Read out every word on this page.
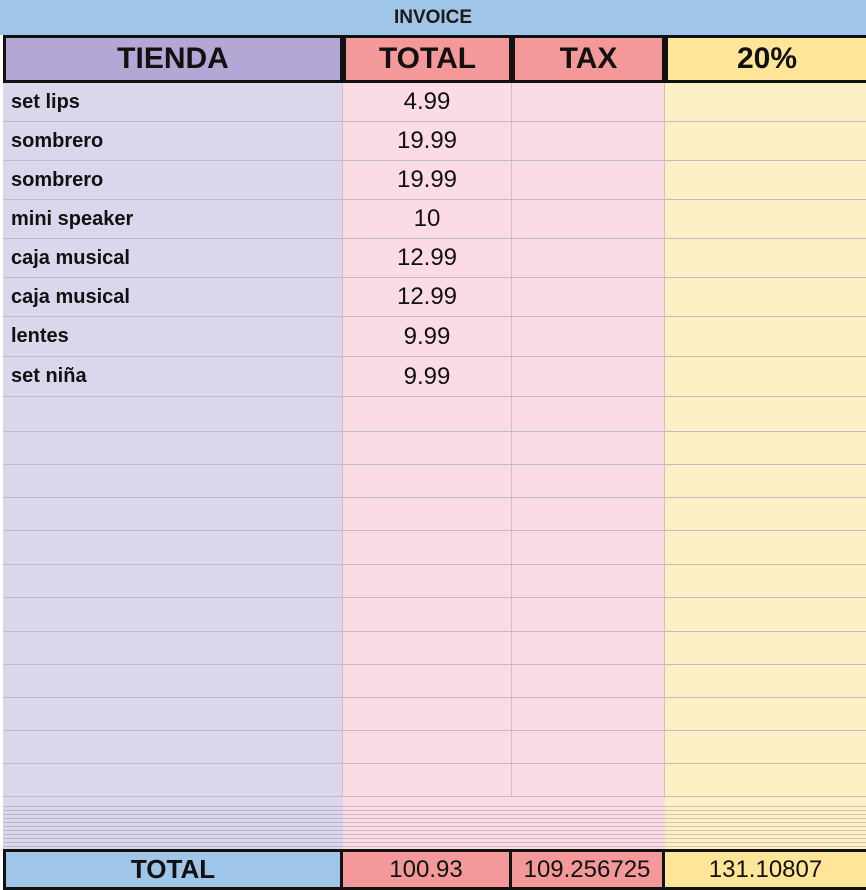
INVOICE
TIENDA	TOTAL	TAX	20%
set lips	4.99
sombrero	19.99
sombrero	19.99
mini speaker	10
caja musical	12.99
caja musical	12.99
lentes	9.99
set niña	9.99
TOTAL	100.93	109.256725	131.10807
